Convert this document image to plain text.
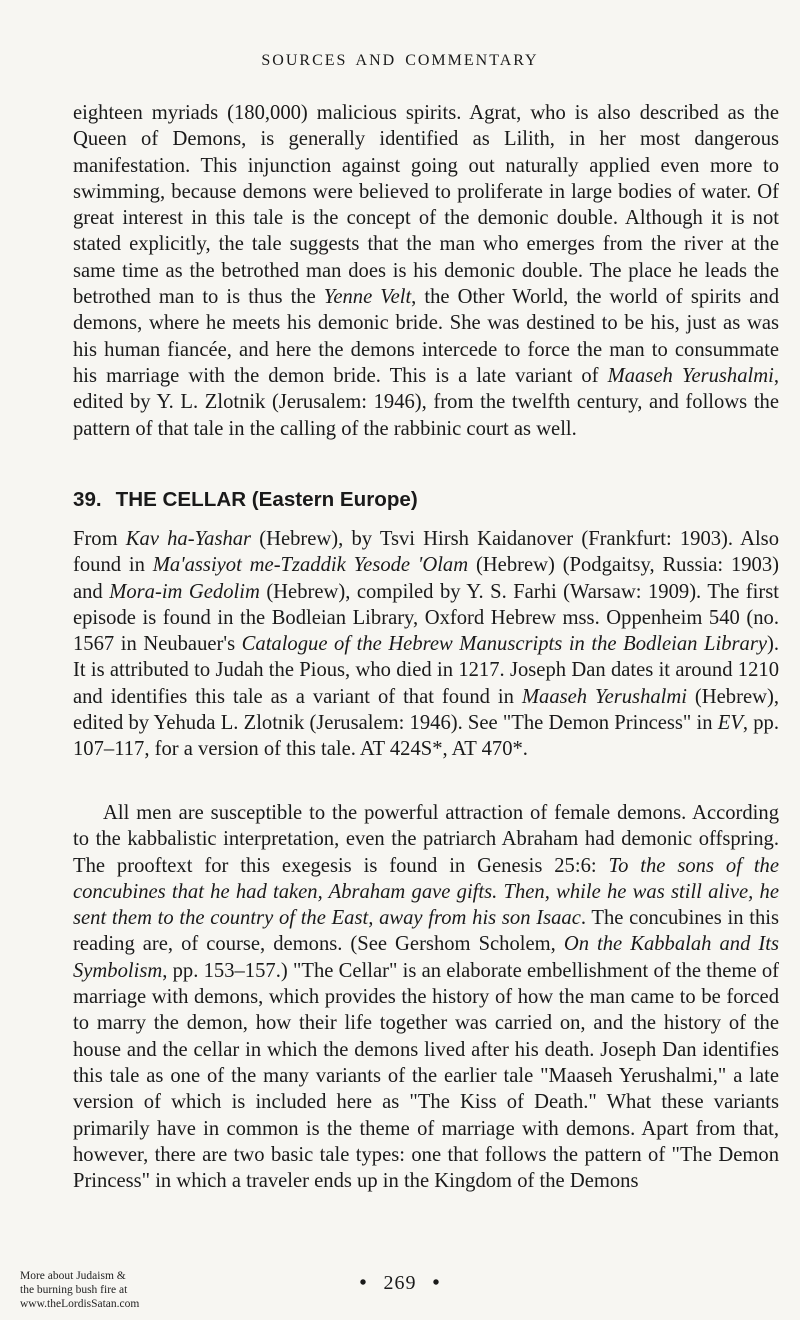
SOURCES AND COMMENTARY

eighteen myriads (180,000) malicious spirits. Agrat, who is also described as the Queen of Demons, is generally identified as Lilith, in her most dangerous manifestation. This injunction against going out naturally applied even more to swimming, because demons were believed to proliferate in large bodies of water. Of great interest in this tale is the concept of the demonic double. Although it is not stated explicitly, the tale suggests that the man who emerges from the river at the same time as the betrothed man does is his demonic double. The place he leads the betrothed man to is thus the Yenne Velt, the Other World, the world of spirits and demons, where he meets his demonic bride. She was destined to be his, just as was his human fiancée, and here the demons intercede to force the man to consummate his marriage with the demon bride. This is a late variant of Maaseh Yerushalmi, edited by Y. L. Zlotnik (Jerusalem: 1946), from the twelfth century, and follows the pattern of that tale in the calling of the rabbinic court as well.

39. THE CELLAR (Eastern Europe)

From Kav ha-Yashar (Hebrew), by Tsvi Hirsh Kaidanover (Frankfurt: 1903). Also found in Ma'assiyot me-Tzaddik Yesode 'Olam (Hebrew) (Podgaitsy, Russia: 1903) and Mora-im Gedolim (Hebrew), compiled by Y. S. Farhi (Warsaw: 1909). The first episode is found in the Bodleian Library, Oxford Hebrew mss. Oppenheim 540 (no. 1567 in Neubauer's Catalogue of the Hebrew Manuscripts in the Bodleian Library). It is attributed to Judah the Pious, who died in 1217. Joseph Dan dates it around 1210 and identifies this tale as a variant of that found in Maaseh Yerushalmi (Hebrew), edited by Yehuda L. Zlotnik (Jerusalem: 1946). See "The Demon Princess" in EV, pp. 107–117, for a version of this tale. AT 424S*, AT 470*.

All men are susceptible to the powerful attraction of female demons. According to the kabbalistic interpretation, even the patriarch Abraham had demonic offspring. The prooftext for this exegesis is found in Genesis 25:6: To the sons of the concubines that he had taken, Abraham gave gifts. Then, while he was still alive, he sent them to the country of the East, away from his son Isaac. The concubines in this reading are, of course, demons. (See Gershom Scholem, On the Kabbalah and Its Symbolism, pp. 153–157.) "The Cellar" is an elaborate embellishment of the theme of marriage with demons, which provides the history of how the man came to be forced to marry the demon, how their life together was carried on, and the history of the house and the cellar in which the demons lived after his death. Joseph Dan identifies this tale as one of the many variants of the earlier tale "Maaseh Yerushalmi," a late version of which is included here as "The Kiss of Death." What these variants primarily have in common is the theme of marriage with demons. Apart from that, however, there are two basic tale types: one that follows the pattern of "The Demon Princess" in which a traveler ends up in the Kingdom of the Demons

• 269 •
More about Judaism &
the burning bush fire at
www.theLordisSatan.com
